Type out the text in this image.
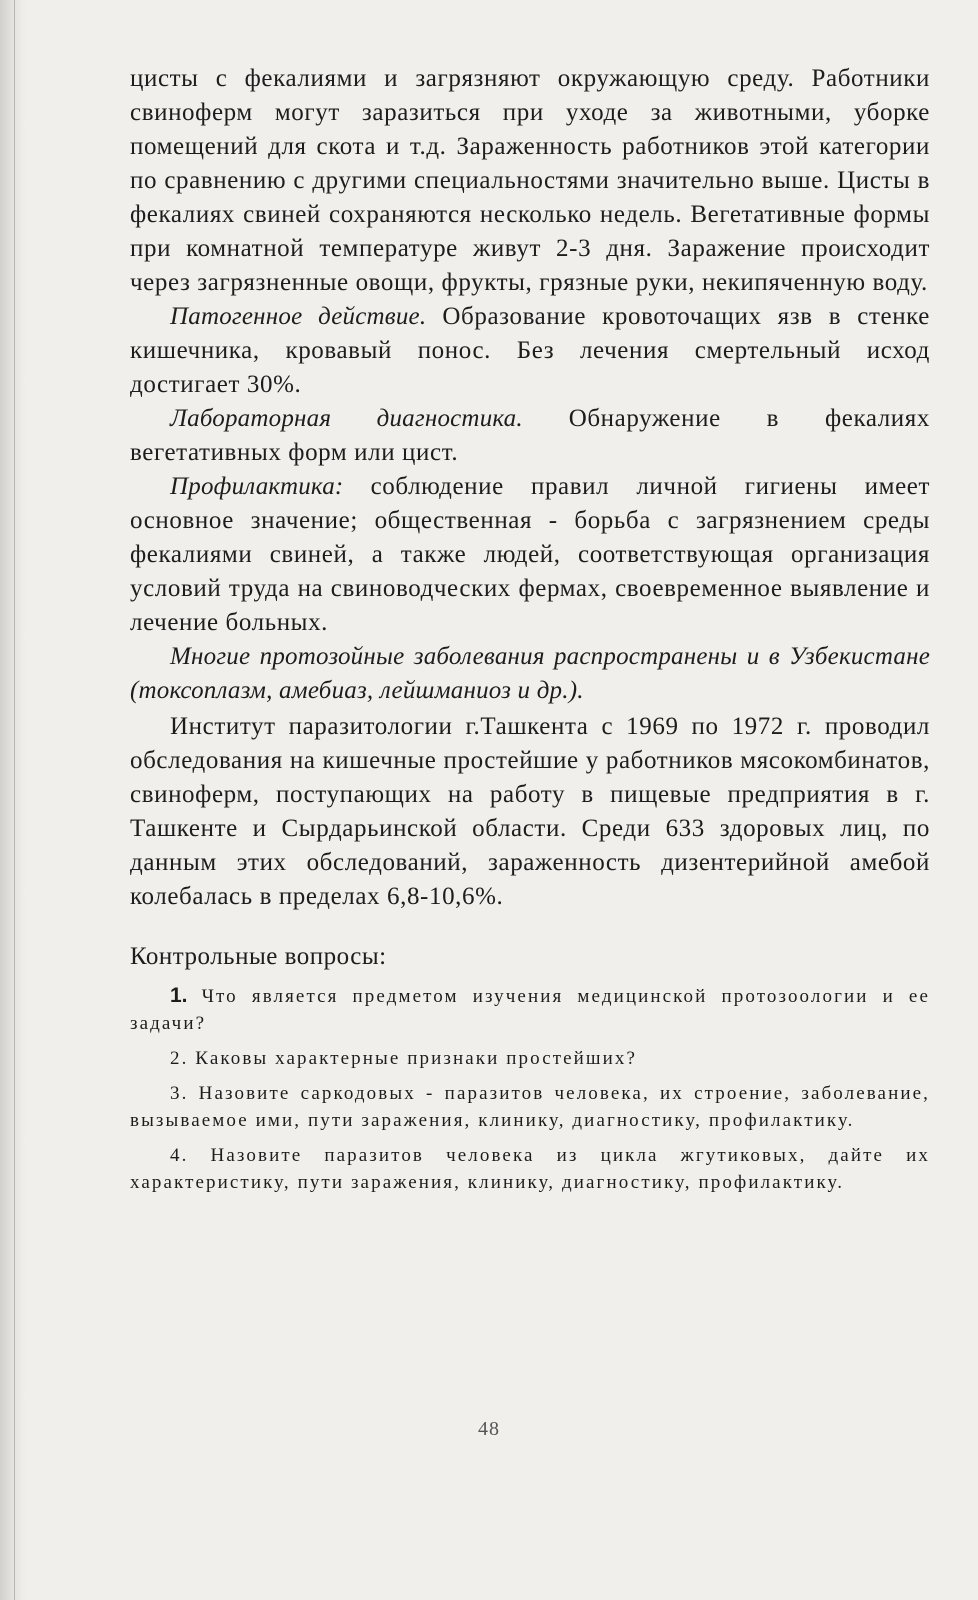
цисты с фекалиями и загрязняют окружающую среду. Работники свиноферм могут заразиться при уходе за животными, уборке помещений для скота и т.д. Зараженность работников этой категории по сравнению с другими специальностями значительно выше. Цисты в фекалиях свиней сохраняются несколько недель. Вегетативные формы при комнатной температуре живут 2-3 дня. Заражение происходит через загрязненные овощи, фрукты, грязные руки, некипяченную воду.

Патогенное действие. Образование кровоточащих язв в стенке кишечника, кровавый понос. Без лечения смертельный исход достигает 30%.

Лабораторная диагностика. Обнаружение в фекалиях вегетативных форм или цист.

Профилактика: соблюдение правил личной гигиены имеет основное значение; общественная - борьба с загрязнением среды фекалиями свиней, а также людей, соответствующая организация условий труда на свиноводческих фермах, своевременное выявление и лечение больных.

Многие протозойные заболевания распространены и в Узбекистане (токсоплазм, амебиаз, лейшманиоз и др.).

Институт паразитологии г.Ташкента с 1969 по 1972 г. проводил обследования на кишечные простейшие у работников мясокомбинатов, свиноферм, поступающих на работу в пищевые предприятия в г. Ташкенте и Сырдарьинской области. Среди 633 здоровых лиц, по данным этих обследований, зараженность дизентерийной амебой колебалась в пределах 6,8-10,6%.

Контрольные вопросы:

1. Что является предметом изучения медицинской протозоологии и ее задачи?

2. Каковы характерные признаки простейших?

3. Назовите саркодовых - паразитов человека, их строение, заболевание, вызываемое ими, пути заражения, клинику, диагностику, профилактику.

4. Назовите паразитов человека из цикла жгутиковых, дайте их характеристику, пути заражения, клинику, диагностику, профилактику.

48
